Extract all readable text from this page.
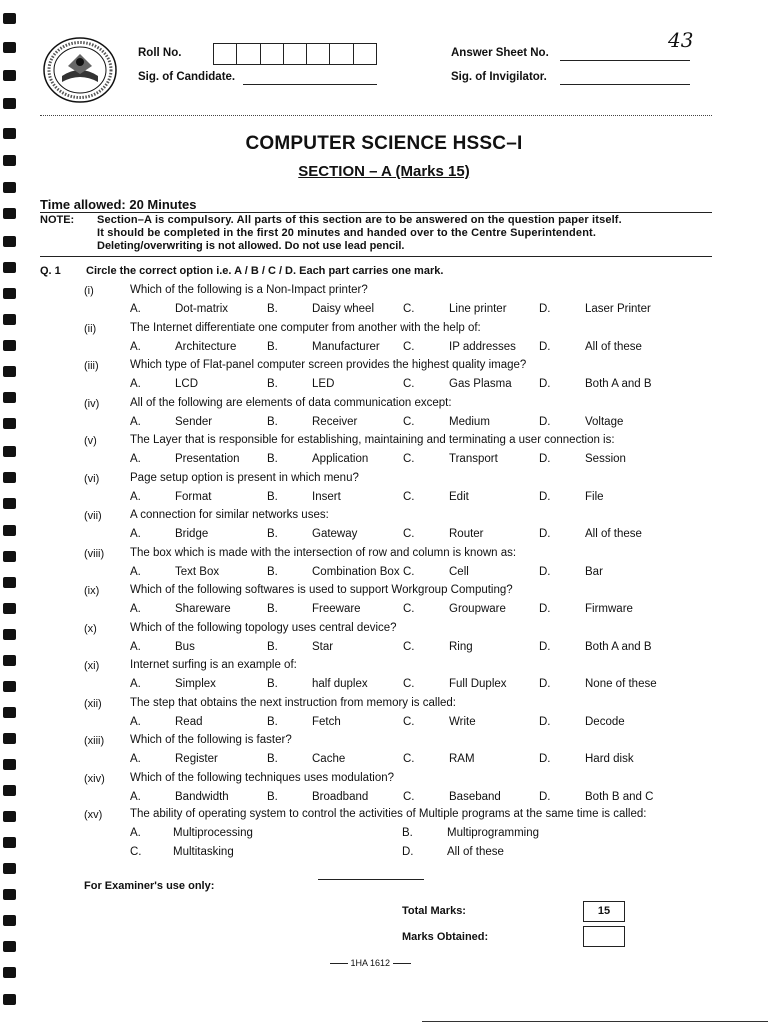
43
Roll No.
Sig. of Candidate.
Answer Sheet No.
Sig. of Invigilator.
COMPUTER SCIENCE HSSC–I
SECTION – A (Marks 15)
Time allowed: 20 Minutes
NOTE: Section–A is compulsory. All parts of this section are to be answered on the question paper itself.
It should be completed in the first 20 minutes and handed over to the Centre Superintendent.
Deleting/overwriting is not allowed. Do not use lead pencil.
Q. 1 Circle the correct option i.e. A / B / C / D. Each part carries one mark.
(i)	Which of the following is a Non-Impact printer?
A.	Dot-matrix	B.	Daisy wheel	C.	Line printer	D.	Laser Printer
(ii)	The Internet differentiate one computer from another with the help of:
A.	Architecture	B.	Manufacturer C.	IP addresses D.	All of these
(iii)	Which type of Flat-panel computer screen provides the highest quality image?
A.	LCD	B.	LED	C.	Gas Plasma D.	Both A and B
(iv)	All of the following are elements of data communication except:
A.	Sender	B.	Receiver	C.	Medium	D.	Voltage
(v)	The Layer that is responsible for establishing, maintaining and terminating a user connection is:
A.	Presentation B.	Application	C.	Transport	D.	Session
(vi)	Page setup option is present in which menu?
A.	Format	B.	Insert	C.	Edit	D.	File
(vii) A connection for similar networks uses:
A.	Bridge	B.	Gateway	C.	Router	D.	All of these
(viii) The box which is made with the intersection of row and column is known as:
A.	Text Box	B.	Combination Box C.	Cell	D.	Bar
(ix)	Which of the following softwares is used to support Workgroup Computing?
A.	Shareware	B.	Freeware	C.	Groupware	D.	Firmware
(x)	Which of the following topology uses central device?
A.	Bus	B.	Star	C.	Ring	D.	Both A and B
(xi)	Internet surfing is an example of:
A.	Simplex	B.	half duplex	C.	Full Duplex	D.	None of these
(xii) The step that obtains the next instruction from memory is called:
A.	Read	B.	Fetch	C.	Write	D.	Decode
(xiii) Which of the following is faster?
A.	Register	B.	Cache	C.	RAM	D.	Hard disk
(xiv) Which of the following techniques uses modulation?
A.	Bandwidth	B.	Broadband	C.	Baseband	D.	Both B and C
(xv) The ability of operating system to control the activities of Multiple programs at the same time is called:
A.	Multiprocessing	B.	Multiprogramming
C.	Multitasking	D.	All of these
For Examiner's use only:
Total Marks:	15
Marks Obtained:
1HA 1612
